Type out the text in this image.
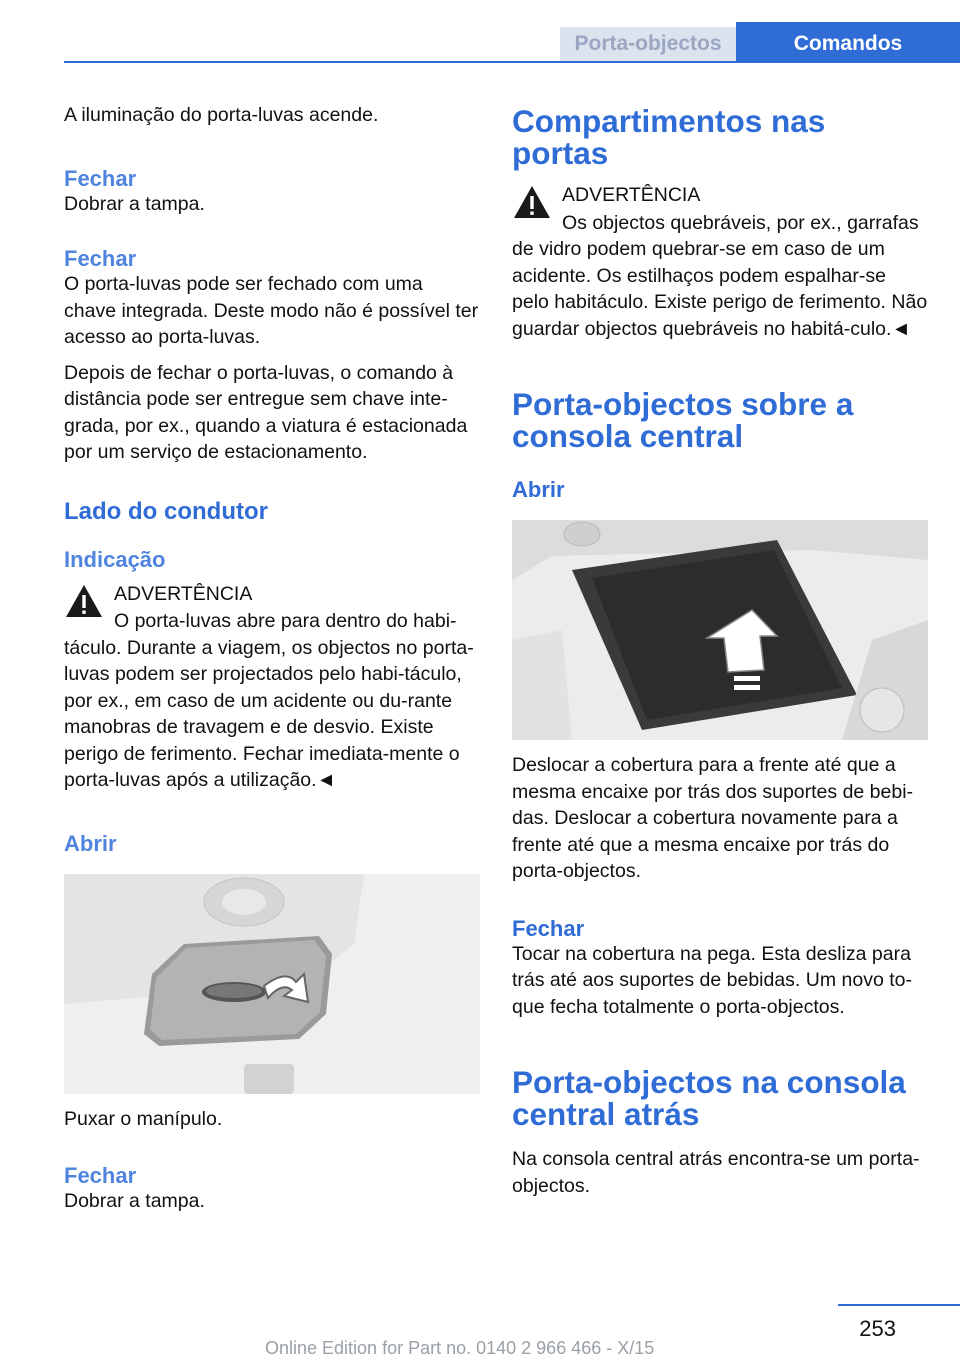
Porta-objectos	Comandos

A iluminação do porta-luvas acende.

Fechar

Dobrar a tampa.

Fechar

O porta-luvas pode ser fechado com uma chave integrada. Deste modo não é possível ter acesso ao porta-luvas.

Depois de fechar o porta-luvas, o comando à distância pode ser entregue sem chave inte‐grada, por ex., quando a viatura é estacionada por um serviço de estacionamento.

Lado do condutor
Indicação

ADVERTÊNCIA

O porta-luvas abre para dentro do habi‐

táculo. Durante a viagem, os objectos no porta-luvas podem ser projectados pelo habi‐táculo, por ex., em caso de um acidente ou du‐rante manobras de travagem e de desvio. Existe perigo de ferimento. Fechar imediata‐mente o porta-luvas após a utilização.◄

Abrir

Puxar o manípulo.

Fechar

Dobrar a tampa.

Compartimentos nas portas

ADVERTÊNCIA

Os objectos quebráveis, por ex., garrafas

de vidro podem quebrar-se em caso de um acidente. Os estilhaços podem espalhar-se pelo habitáculo. Existe perigo de ferimento. Não guardar objectos quebráveis no habitá‐culo.◄

Porta-objectos sobre a consola central
Abrir

Deslocar a cobertura para a frente até que a mesma encaixe por trás dos suportes de bebi‐das. Deslocar a cobertura novamente para a frente até que a mesma encaixe por trás do porta-objectos.

Fechar

Tocar na cobertura na pega. Esta desliza para trás até aos suportes de bebidas. Um novo to‐que fecha totalmente o porta-objectos.

Porta-objectos na consola central atrás

Na consola central atrás encontra-se um porta-objectos.

253
Online Edition for Part no. 0140 2 966 466 - X/15
